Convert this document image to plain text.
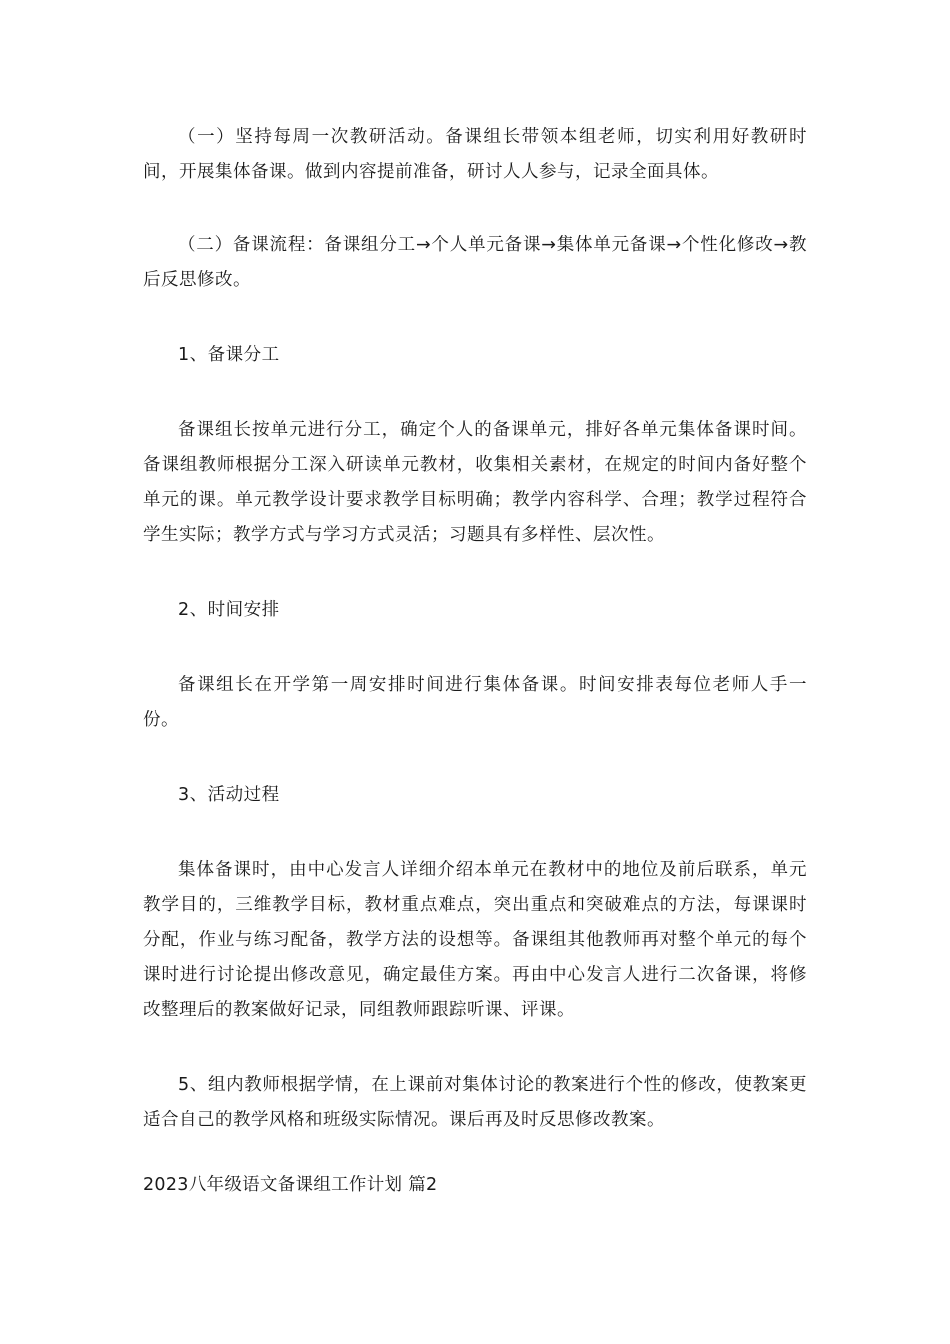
（一）坚持每周一次教研活动。备课组长带领本组老师，切实利用好教研时间，开展集体备课。做到内容提前准备，研讨人人参与，记录全面具体。

（二）备课流程：备课组分工→个人单元备课→集体单元备课→个性化修改→教后反思修改。

1、备课分工

备课组长按单元进行分工，确定个人的备课单元，排好各单元集体备课时间。备课组教师根据分工深入研读单元教材，收集相关素材，在规定的时间内备好整个单元的课。单元教学设计要求教学目标明确；教学内容科学、合理；教学过程符合学生实际；教学方式与学习方式灵活；习题具有多样性、层次性。

2、时间安排

备课组长在开学第一周安排时间进行集体备课。时间安排表每位老师人手一份。

3、活动过程

集体备课时，由中心发言人详细介绍本单元在教材中的地位及前后联系，单元教学目的，三维教学目标，教材重点难点，突出重点和突破难点的方法，每课课时分配，作业与练习配备，教学方法的设想等。备课组其他教师再对整个单元的每个课时进行讨论提出修改意见，确定最佳方案。再由中心发言人进行二次备课，将修改整理后的教案做好记录，同组教师跟踪听课、评课。

5、组内教师根据学情，在上课前对集体讨论的教案进行个性的修改，使教案更适合自己的教学风格和班级实际情况。课后再及时反思修改教案。

2023八年级语文备课组工作计划 篇2
